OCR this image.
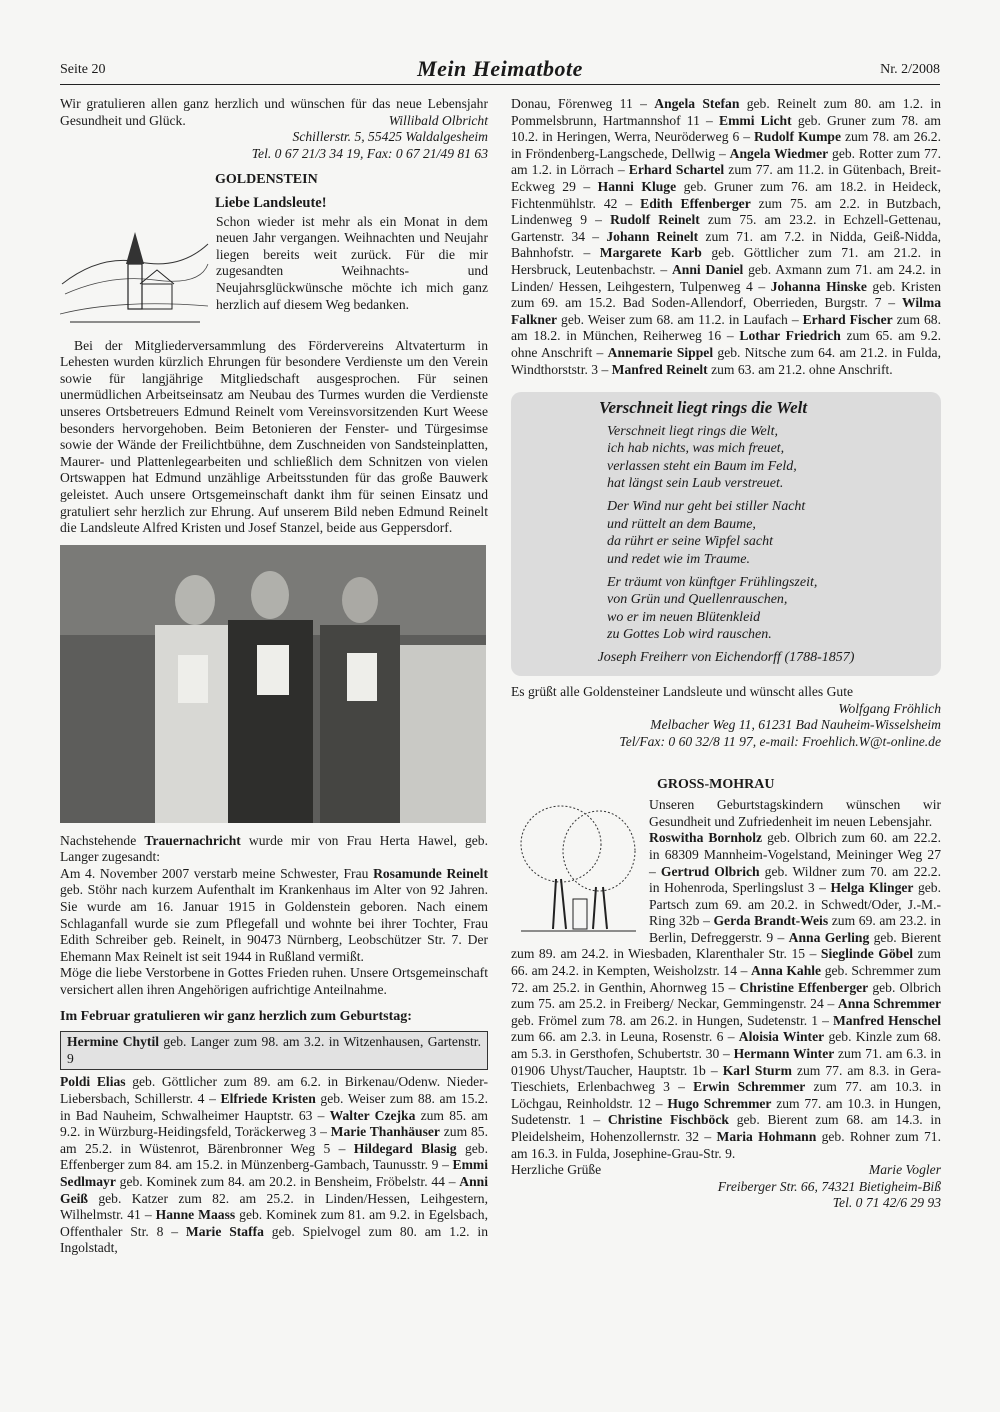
Seite 20	Mein Heimatbote	Nr. 2/2008

Wir gratulieren allen ganz herzlich und wünschen für das neue Lebensjahr Gesundheit und Glück.	Willibald Olbricht

Schillerstr. 5, 55425 Waldalgesheim

Tel. 0 67 21/3 34 19, Fax: 0 67 21/49 81 63

GOLDENSTEIN

Liebe Landsleute!

Schon wieder ist mehr als ein Monat in dem neuen Jahr vergangen. Weihnachten und Neujahr liegen bereits weit zurück. Für die mir zugesandten Weihnachts- und Neujahrsglückwünsche möchte ich mich ganz herzlich auf diesem Weg bedanken.

Bei der Mitgliederversammlung des Fördervereins Altvaterturm in Lehesten wurden kürzlich Ehrungen für besondere Verdienste um den Verein sowie für langjährige Mitgliedschaft ausgesprochen. Für seinen unermüdlichen Arbeitseinsatz am Neubau des Turmes wurden die Verdienste unseres Ortsbetreuers Edmund Reinelt vom Vereinsvorsitzenden Kurt Weese besonders hervorgehoben. Beim Betonieren der Fenster- und Türgesimse sowie der Wände der Freilichtbühne, dem Zuschneiden von Sandsteinplatten, Maurer- und Plattenlegearbeiten und schließlich dem Schnitzen von vielen Ortswappen hat Edmund unzählige Arbeitsstunden für das große Bauwerk geleistet. Auch unsere Ortsgemeinschaft dankt ihm für seinen Einsatz und gratuliert sehr herzlich zur Ehrung. Auf unserem Bild neben Edmund Reinelt die Landsleute Alfred Kristen und Josef Stanzel, beide aus Geppersdorf.

Nachstehende Trauernachricht wurde mir von Frau Herta Hawel, geb. Langer zugesandt:

Am 4. November 2007 verstarb meine Schwester, Frau Rosamunde Reinelt geb. Stöhr nach kurzem Aufenthalt im Krankenhaus im Alter von 92 Jahren. Sie wurde am 16. Januar 1915 in Goldenstein geboren. Nach einem Schlaganfall wurde sie zum Pflegefall und wohnte bei ihrer Tochter, Frau Edith Schreiber geb. Reinelt, in 90473 Nürnberg, Leobschützer Str. 7. Der Ehemann Max Reinelt ist seit 1944 in Rußland vermißt.

Möge die liebe Verstorbene in Gottes Frieden ruhen. Unsere Ortsgemeinschaft versichert allen ihren Angehörigen aufrichtige Anteilnahme.

Im Februar gratulieren wir ganz herzlich zum Geburtstag:

Hermine Chytil geb. Langer zum 98. am 3.2. in Witzenhausen, Gartenstr. 9

Poldi Elias geb. Göttlicher zum 89. am 6.2. in Birkenau/Odenw. Nieder-Liebersbach, Schillerstr. 4 – Elfriede Kristen geb. Weiser zum 88. am 15.2. in Bad Nauheim, Schwalheimer Hauptstr. 63 – Walter Czejka zum 85. am 9.2. in Würzburg-Heidingsfeld, Toräckerweg 3 – Marie Thanhäuser zum 85. am 25.2. in Wüstenrot, Bärenbronner Weg 5 – Hildegard Blasig geb. Effenberger zum 84. am 15.2. in Münzenberg-Gambach, Taunusstr. 9 – Emmi Sedlmayr geb. Kominek zum 84. am 20.2. in Bensheim, Fröbelstr. 44 – Anni Geiß geb. Katzer zum 82. am 25.2. in Linden/Hessen, Leihgestern, Wilhelmstr. 41 – Hanne Maass geb. Kominek zum 81. am 9.2. in Egelsbach, Offenthaler Str. 8 – Marie Staffa geb. Spielvogel zum 80. am 1.2. in Ingolstadt,

Donau, Förenweg 11 – Angela Stefan geb. Reinelt zum 80. am 1.2. in Pommelsbrunn, Hartmannshof 11 – Emmi Licht geb. Gruner zum 78. am 10.2. in Heringen, Werra, Neuröderweg 6 – Rudolf Kumpe zum 78. am 26.2. in Fröndenberg-Langschede, Dellwig – Angela Wiedmer geb. Rotter zum 77. am 1.2. in Lörrach – Erhard Schartel zum 77. am 11.2. in Gütenbach, Breit-Eckweg 29 – Hanni Kluge geb. Gruner zum 76. am 18.2. in Heideck, Fichtenmühlstr. 42 – Edith Effenberger zum 75. am 2.2. in Butzbach, Lindenweg 9 – Rudolf Reinelt zum 75. am 23.2. in Echzell-Gettenau, Gartenstr. 34 – Johann Reinelt zum 71. am 7.2. in Nidda, Geiß-Nidda, Bahnhofstr. – Margarete Karb geb. Göttlicher zum 71. am 21.2. in Hersbruck, Leutenbachstr. – Anni Daniel geb. Axmann zum 71. am 24.2. in Linden/ Hessen, Leihgestern, Tulpenweg 4 – Johanna Hinske geb. Kristen zum 69. am 15.2. Bad Soden-Allendorf, Oberrieden, Burgstr. 7 – Wilma Falkner geb. Weiser zum 68. am 11.2. in Laufach – Erhard Fischer zum 68. am 18.2. in München, Reiherweg 16 – Lothar Friedrich zum 65. am 9.2. ohne Anschrift – Annemarie Sippel geb. Nitsche zum 64. am 21.2. in Fulda, Windthorststr. 3 – Manfred Reinelt zum 63. am 21.2. ohne Anschrift.

Verschneit liegt rings die Welt
Verschneit liegt rings die Welt,
ich hab nichts, was mich freuet,
verlassen steht ein Baum im Feld,
hat längst sein Laub verstreuet.
Der Wind nur geht bei stiller Nacht
und rüttelt an dem Baume,
da rührt er seine Wipfel sacht
und redet wie im Traume.
Er träumt von künftger Frühlingszeit,
von Grün und Quellenrauschen,
wo er im neuen Blütenkleid
zu Gottes Lob wird rauschen.
Joseph Freiherr von Eichendorff (1788-1857)

Es grüßt alle Goldensteiner Landsleute und wünscht alles Gute

Wolfgang Fröhlich

Melbacher Weg 11, 61231 Bad Nauheim-Wisselsheim

Tel/Fax: 0 60 32/8 11 97, e-mail: Froehlich.W@t-online.de

GROSS-MOHRAU

Unseren Geburtstagskindern wünschen wir Gesundheit und Zufriedenheit im neuen Lebensjahr.

Roswitha Bornholz geb. Olbrich zum 60. am 22.2. in 68309 Mannheim-Vogelstand, Meininger Weg 27 – Gertrud Olbrich geb. Wildner zum 70. am 22.2. in Hohenroda, Sperlingslust 3 – Helga Klinger geb. Partsch zum 69. am 20.2. in Schwedt/Oder, J.-M.-Ring 32b – Gerda Brandt-Weis zum 69. am 23.2. in Berlin, Defreggerstr. 9 – Anna Gerling geb. Bierent zum 89. am 24.2. in Wiesbaden, Klarenthaler Str. 15 – Sieglinde Göbel zum 66. am 24.2. in Kempten, Weisholzstr. 14 – Anna Kahle geb. Schremmer zum 72. am 25.2. in Genthin, Ahornweg 15 – Christine Effenberger geb. Olbrich zum 75. am 25.2. in Freiberg/ Neckar, Gemmingenstr. 24 – Anna Schremmer geb. Frömel zum 78. am 26.2. in Hungen, Sudetenstr. 1 – Manfred Henschel zum 66. am 2.3. in Leuna, Rosenstr. 6 – Aloisia Winter geb. Kinzle zum 68. am 5.3. in Gersthofen, Schubertstr. 30 – Hermann Winter zum 71. am 6.3. in 01906 Uhyst/Taucher, Hauptstr. 1b – Karl Sturm zum 77. am 8.3. in Gera-Tieschiets, Erlenbachweg 3 – Erwin Schremmer zum 77. am 10.3. in Löchgau, Reinholdstr. 12 – Hugo Schremmer zum 77. am 10.3. in Hungen, Sudetenstr. 1 – Christine Fischböck geb. Bierent zum 68. am 14.3. in Pleidelsheim, Hohenzollernstr. 32 – Maria Hohmann geb. Rohner zum 71. am 16.3. in Fulda, Josephine-Grau-Str. 9.

Herzliche Grüße	Marie Vogler

Freiberger Str. 66, 74321 Bietigheim-Biß

Tel. 0 71 42/6 29 93
